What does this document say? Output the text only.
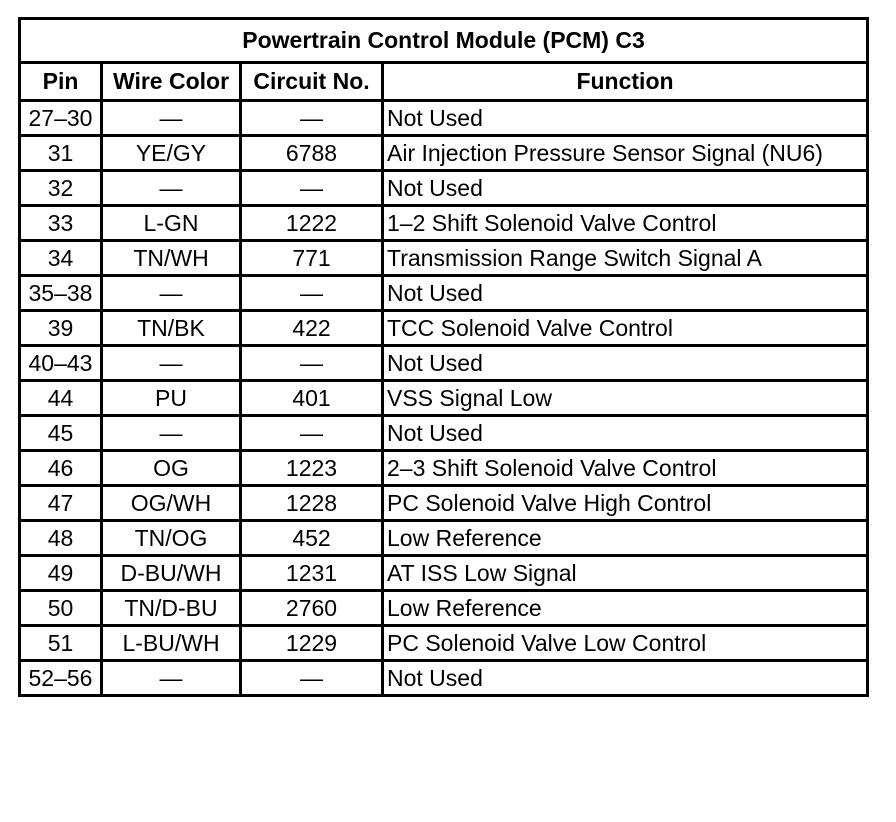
Powertrain Control Module (PCM) C3			
Pin	Wire Color	Circuit No.	Function
27–30	—	—	Not Used
31	YE/GY	6788	Air Injection Pressure Sensor Signal (NU6)
32	—	—	Not Used
33	L-GN	1222	1–2 Shift Solenoid Valve Control
34	TN/WH	771	Transmission Range Switch Signal A
35–38	—	—	Not Used
39	TN/BK	422	TCC Solenoid Valve Control
40–43	—	—	Not Used
44	PU	401	VSS Signal Low
45	—	—	Not Used
46	OG	1223	2–3 Shift Solenoid Valve Control
47	OG/WH	1228	PC Solenoid Valve High Control
48	TN/OG	452	Low Reference
49	D-BU/WH	1231	AT ISS Low Signal
50	TN/D-BU	2760	Low Reference
51	L-BU/WH	1229	PC Solenoid Valve Low Control
52–56	—	—	Not Used
